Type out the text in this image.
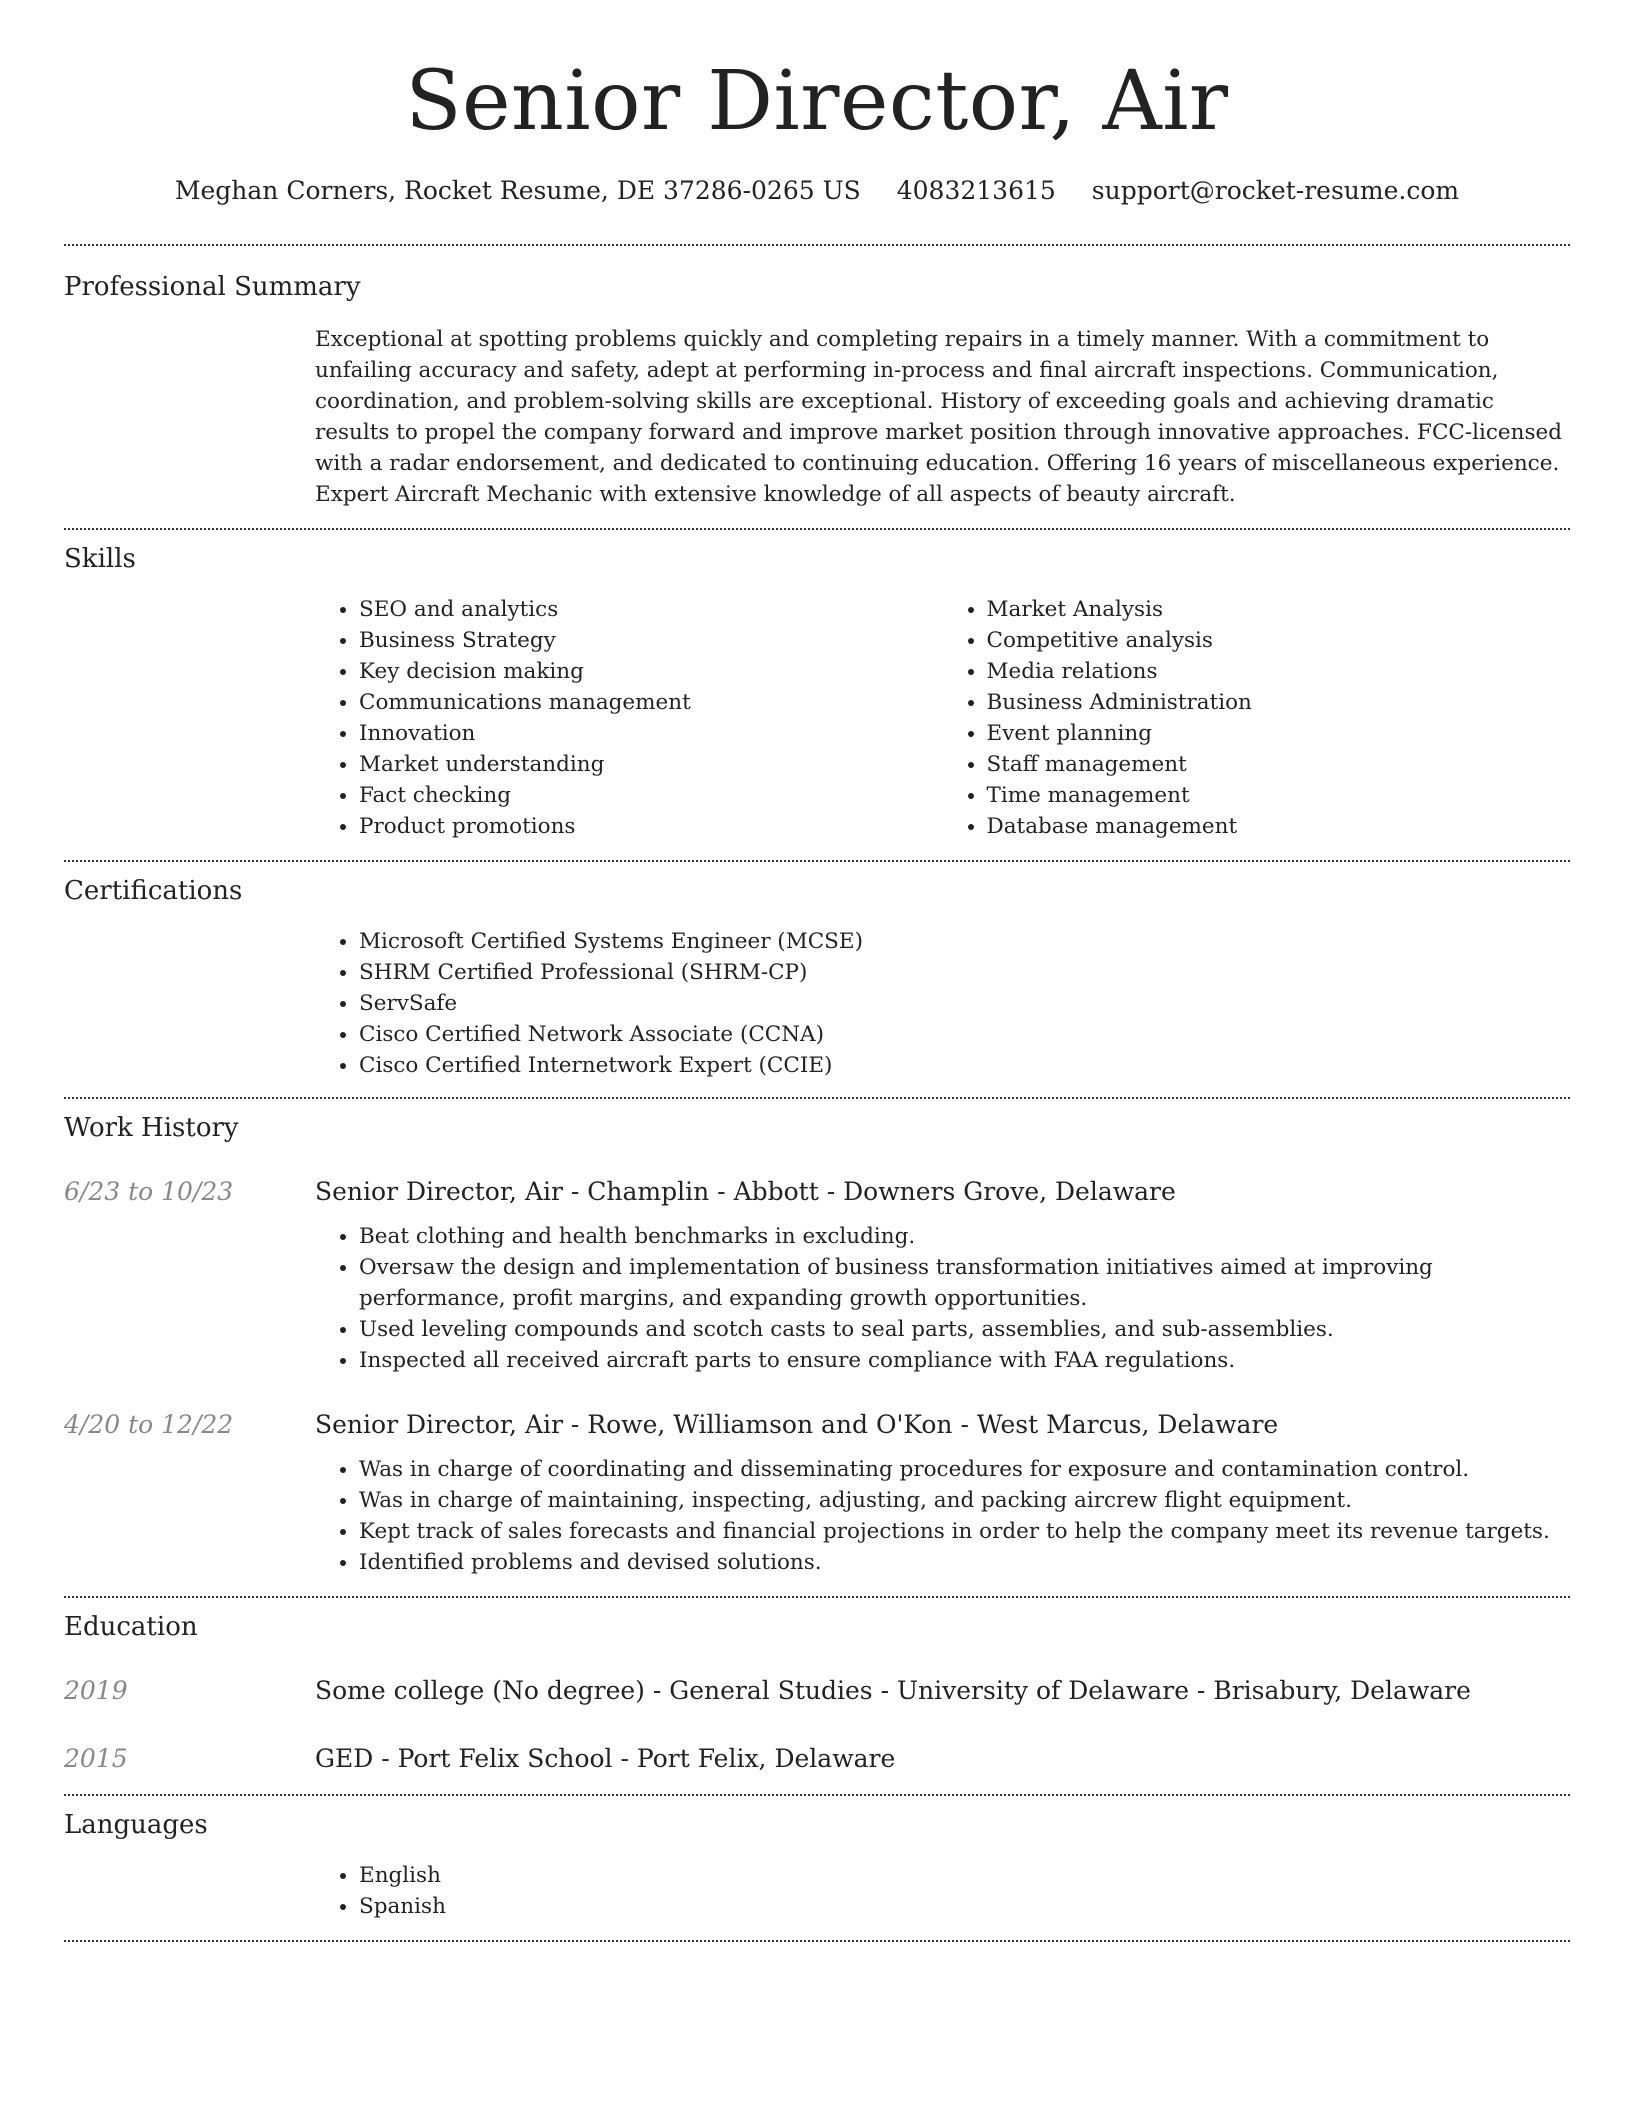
Senior Director, Air
Meghan Corners, Rocket Resume, DE 37286-0265 US 4083213615 support@rocket-resume.com
Professional Summary

Exceptional at spotting problems quickly and completing repairs in a timely manner. With a commitment to unfailing accuracy and safety, adept at performing in-process and final aircraft inspections. Communication, coordination, and problem-solving skills are exceptional. History of exceeding goals and achieving dramatic results to propel the company forward and improve market position through innovative approaches. FCC-licensed with a radar endorsement, and dedicated to continuing education. Offering 16 years of miscellaneous experience. Expert Aircraft Mechanic with extensive knowledge of all aspects of beauty aircraft.

Skills
• SEO and analytics
• Business Strategy
• Key decision making
• Communications management
• Innovation
• Market understanding
• Fact checking
• Product promotions
• Market Analysis
• Competitive analysis
• Media relations
• Business Administration
• Event planning
• Staff management
• Time management
• Database management
Certifications
• Microsoft Certified Systems Engineer (MCSE)
• SHRM Certified Professional (SHRM-CP)
• ServSafe
• Cisco Certified Network Associate (CCNA)
• Cisco Certified Internetwork Expert (CCIE)
Work History
6/23 to 10/23	Senior Director, Air - Champlin - Abbott - Downers Grove, Delaware

• Beat clothing and health benchmarks in excluding.
• Oversaw the design and implementation of business transformation initiatives aimed at improving performance, profit margins, and expanding growth opportunities.
• Used leveling compounds and scotch casts to seal parts, assemblies, and sub-assemblies.
• Inspected all received aircraft parts to ensure compliance with FAA regulations.
4/20 to 12/22	Senior Director, Air - Rowe, Williamson and O'Kon - West Marcus, Delaware

• Was in charge of coordinating and disseminating procedures for exposure and contamination control.
• Was in charge of maintaining, inspecting, adjusting, and packing aircrew flight equipment.
• Kept track of sales forecasts and financial projections in order to help the company meet its revenue targets.
• Identified problems and devised solutions.
Education
2019	Some college (No degree) - General Studies - University of Delaware - Brisabury, Delaware

2015	GED - Port Felix School - Port Felix, Delaware

Languages
• English
• Spanish
